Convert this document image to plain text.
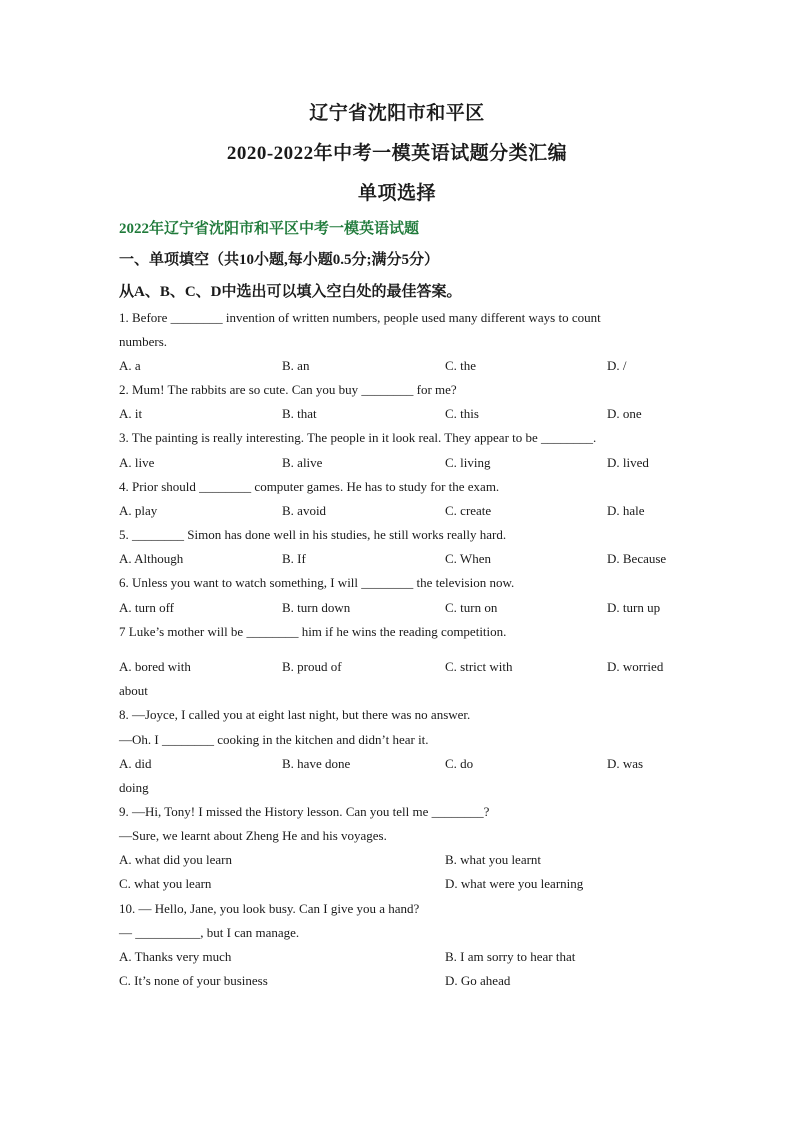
辽宁省沈阳市和平区
2020-2022年中考一模英语试题分类汇编
单项选择
2022年辽宁省沈阳市和平区中考一模英语试题
一、单项填空（共10小题,每小题0.5分;满分5分）
从A、B、C、D中选出可以填入空白处的最佳答案。
1. Before ________ invention of written numbers, people used many different ways to count
numbers.
A. a	B. an	C. the	D. /
2. Mum! The rabbits are so cute. Can you buy ________ for me?
A. it	B. that	C. this	D. one
3. The painting is really interesting. The people in it look real. They appear to be ________.
A. live	B. alive	C. living	D. lived
4. Prior should ________ computer games. He has to study for the exam.
A. play	B. avoid	C. create	D. hale
5. ________ Simon has done well in his studies, he still works really hard.
A. Although	B. If	C. When	D. Because
6. Unless you want to watch something, I will ________ the television now.
A. turn off	B. turn down	C. turn on	D. turn up
7 Luke’s mother will be ________ him if he wins the reading competition.
A. bored with	B. proud of	C. strict with	D. worried
about
8. —Joyce, I called you at eight last night, but there was no answer.
—Oh. I ________ cooking in the kitchen and didn’t hear it.
A. did	B. have done	C. do	D. was
doing
9. —Hi, Tony! I missed the History lesson. Can you tell me ________?
—Sure, we learnt about Zheng He and his voyages.
A. what did you learn	B. what you learnt
C. what you learn	D. what were you learning
10. — Hello, Jane, you look busy. Can I give you a hand?
— __________, but I can manage.
A. Thanks very much	B. I am sorry to hear that
C. It’s none of your business	D. Go ahead
